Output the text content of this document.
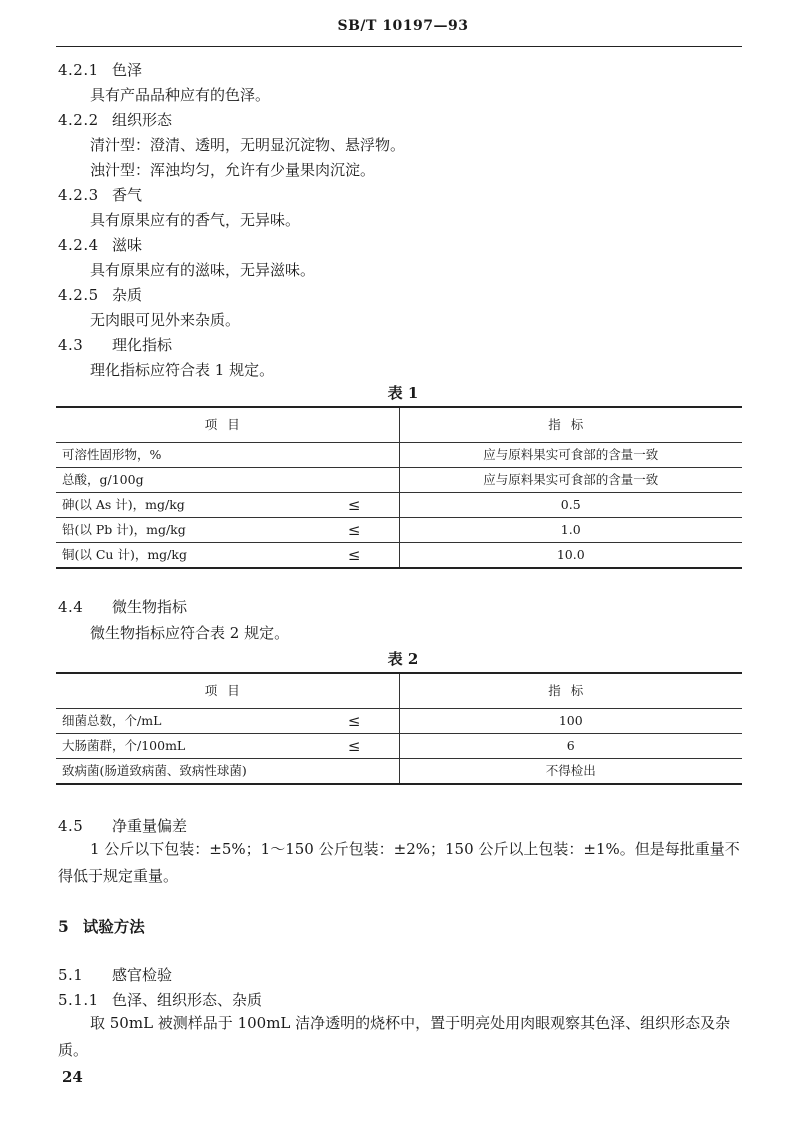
SB/T 10197—93
4.2.1 色泽
具有产品品种应有的色泽。
4.2.2 组织形态
清汁型：澄清、透明，无明显沉淀物、悬浮物。
浊汁型：浑浊均匀，允许有少量果肉沉淀。
4.2.3 香气
具有原果应有的香气，无异味。
4.2.4 滋味
具有原果应有的滋味，无异滋味。
4.2.5 杂质
无肉眼可见外来杂质。
4.3 理化指标
理化指标应符合表 1 规定。
表 1
项目	指标
可溶性固形物，%	应与原料果实可食部的含量一致
总酸，g/100g	应与原料果实可食部的含量一致
砷(以 As 计)，mg/kg ≤	0.5
铅(以 Pb 计)，mg/kg ≤	1.0
铜(以 Cu 计)，mg/kg ≤	10.0
4.4 微生物指标
微生物指标应符合表 2 规定。
表 2
项目	指标
细菌总数，个/mL ≤	100
大肠菌群，个/100mL ≤	6
致病菌(肠道致病菌、致病性球菌)	不得检出
4.5 净重量偏差
1 公斤以下包装：±5%；1～150 公斤包装：±2%；150 公斤以上包装：±1%。但是每批重量不得低于规定重量。
5 试验方法
5.1 感官检验
5.1.1 色泽、组织形态、杂质
取 50mL 被测样品于 100mL 洁净透明的烧杯中，置于明亮处用肉眼观察其色泽、组织形态及杂质。
24
